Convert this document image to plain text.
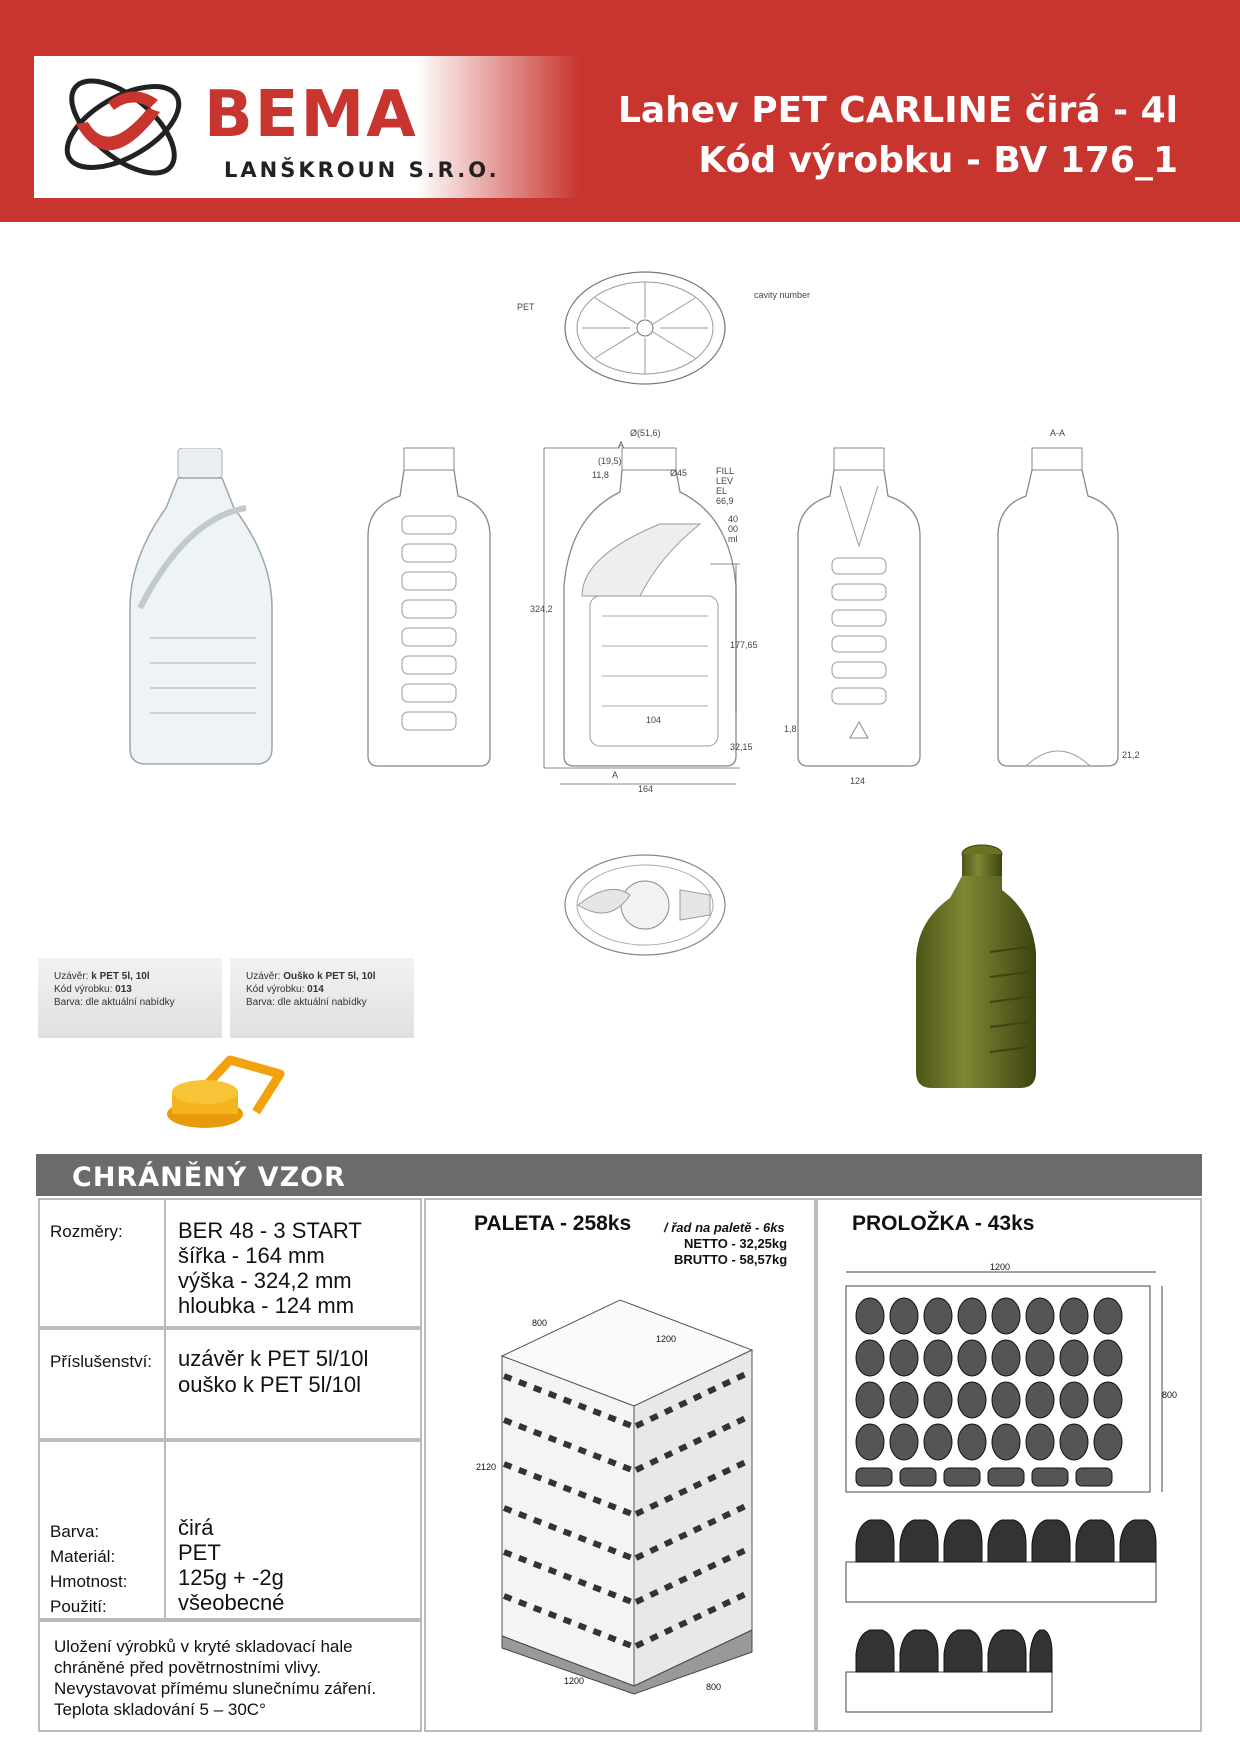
BEMA
LANŠKROUN S.R.O.
Lahev PET CARLINE čirá - 4l
Kód výrobku - BV 176_1
PET
cavity number
Ø(51,6)
A
Ø45
(19,5)
11,8	FILL LEVEL 66,9
4000ml
324,2
177,65
104
32,15
A
164
1,8
124
A-A
21,2
Uzávěr: k PET 5l, 10l
Kód výrobku: 013
Barva: dle aktuální nabídky
Uzávěr: Ouško k PET 5l, 10l
Kód výrobku: 014
Barva: dle aktuální nabídky
CHRÁNĚNÝ VZOR
Rozměry:	BER 48 - 3 START
šířka - 164 mm
výška - 324,2 mm
hloubka - 124 mm
Příslušenství: uzávěr k PET 5l/10l
ouško k PET 5l/10l
Barva:	čirá
Materiál:	PET
Hmotnost: 125g + -2g
Použití:	všeobecné
Uložení výrobků v kryté skladovací hale
chráněné před povětrnostními vlivy.
Nevystavovat přímému slunečnímu záření.
Teplota skladování 5 – 30C°
PALETA - 258ks	/ řad na paletě - 6ks
NETTO - 32,25kg
BRUTTO - 58,57kg
800
1200
2120
1200
800
PROLOŽKA - 43ks
1200
800
